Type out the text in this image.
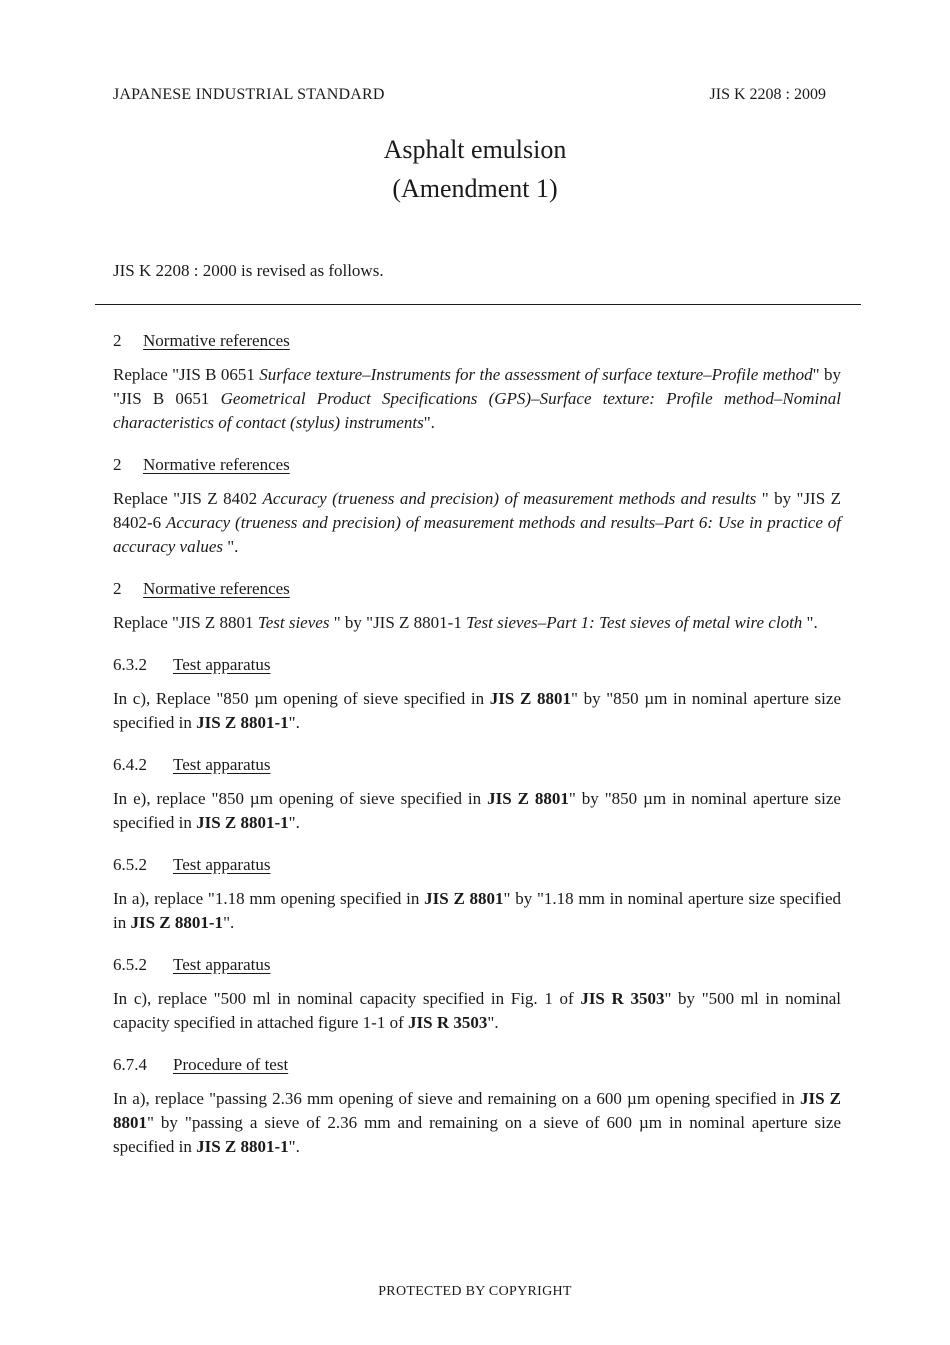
JAPANESE INDUSTRIAL STANDARD	JIS K 2208 : 2009
Asphalt emulsion
(Amendment 1)
JIS K 2208 : 2000 is revised as follows.
2 Normative references
Replace "JIS B 0651 Surface texture–Instruments for the assessment of surface texture–Profile method" by "JIS B 0651 Geometrical Product Specifications (GPS)–Surface texture: Profile method–Nominal characteristics of contact (stylus) instruments".
2 Normative references
Replace "JIS Z 8402 Accuracy (trueness and precision) of measurement methods and results " by "JIS Z 8402-6 Accuracy (trueness and precision) of measurement methods and results–Part 6: Use in practice of accuracy values ".
2 Normative references
Replace "JIS Z 8801 Test sieves " by "JIS Z 8801-1 Test sieves–Part 1: Test sieves of metal wire cloth ".
6.3.2 Test apparatus
In c), Replace "850 µm opening of sieve specified in JIS Z 8801" by "850 µm in nominal aperture size specified in JIS Z 8801-1".
6.4.2 Test apparatus
In e), replace "850 µm opening of sieve specified in JIS Z 8801" by "850 µm in nominal aperture size specified in JIS Z 8801-1".
6.5.2 Test apparatus
In a), replace "1.18 mm opening specified in JIS Z 8801" by "1.18 mm in nominal aperture size specified in JIS Z 8801-1".
6.5.2 Test apparatus
In c), replace "500 ml in nominal capacity specified in Fig. 1 of JIS R 3503" by "500 ml in nominal capacity specified in attached figure 1-1 of JIS R 3503".
6.7.4 Procedure of test
In a), replace "passing 2.36 mm opening of sieve and remaining on a 600 µm opening specified in JIS Z 8801" by "passing a sieve of 2.36 mm and remaining on a sieve of 600 µm in nominal aperture size specified in JIS Z 8801-1".
PROTECTED BY COPYRIGHT
